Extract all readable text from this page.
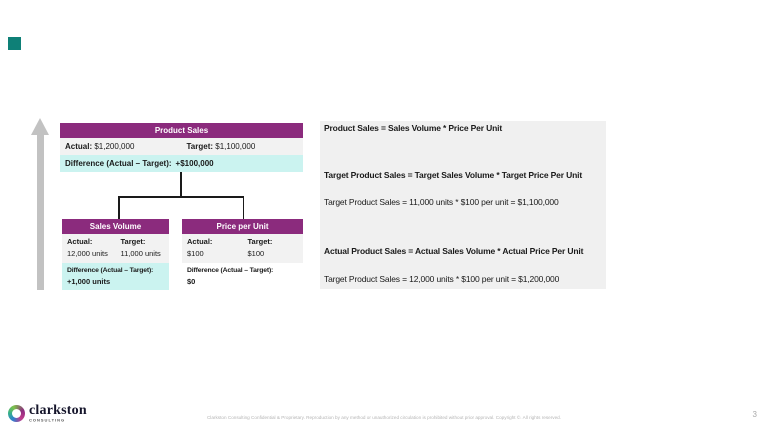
Product Sales
Actual: $1,200,000	Target: $1,100,000
Difference (Actual – Target): +$100,000
Sales Volume
Actual:
12,000 units
Target:
11,000 units
Difference (Actual – Target):
+1,000 units
Price per Unit
Actual:
$100
Target:
$100
Difference (Actual – Target):
$0
Product Sales = Sales Volume * Price Per Unit
Target Product Sales = Target Sales Volume * Target Price Per Unit
Target Product Sales = 11,000 units * $100 per unit = $1,100,000
Actual Product Sales = Actual Sales Volume * Actual Price Per Unit
Target Product Sales = 12,000 units * $100 per unit = $1,200,000
clarkston
CONSULTING
Clarkston Consulting Confidential & Proprietary. Reproduction by any method or unauthorized circulation is prohibited without prior approval. Copyright ©. All rights reserved.	3
